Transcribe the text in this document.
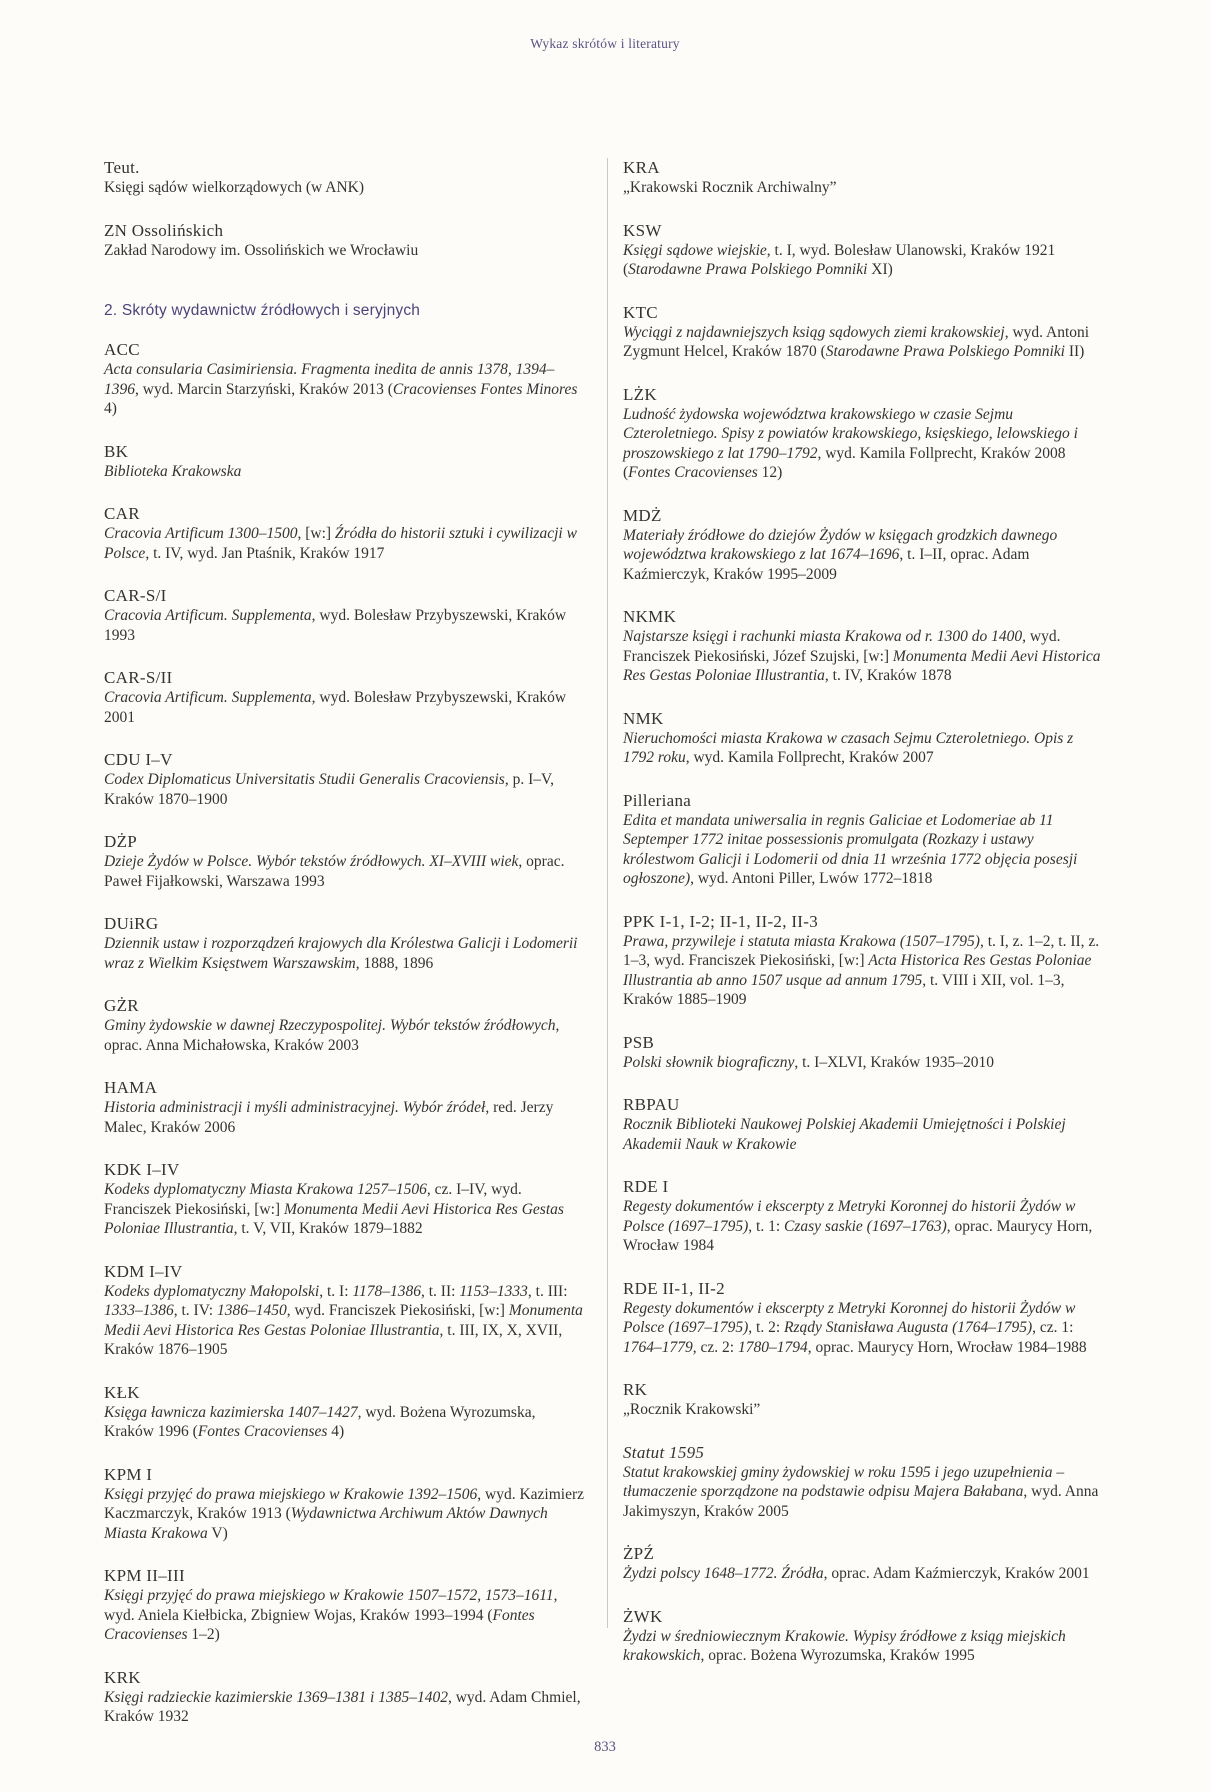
Wykaz skrótów i literatury
Teut.
Księgi sądów wielkorządowych (w ANK)
ZN Ossolińskich
Zakład Narodowy im. Ossolińskich we Wrocławiu
2. Skróty wydawnictw źródłowych i seryjnych
ACC
Acta consularia Casimiriensia. Fragmenta inedita de annis 1378, 1394–1396, wyd. Marcin Starzyński, Kraków 2013 (Cracovienses Fontes Minores 4)
BK
Biblioteka Krakowska
CAR
Cracovia Artificum 1300–1500, [w:] Źródła do historii sztuki i cywilizacji w Polsce, t. IV, wyd. Jan Ptaśnik, Kraków 1917
CAR-S/I
Cracovia Artificum. Supplementa, wyd. Bolesław Przybyszewski, Kraków 1993
CAR-S/II
Cracovia Artificum. Supplementa, wyd. Bolesław Przybyszewski, Kraków 2001
CDU I–V
Codex Diplomaticus Universitatis Studii Generalis Cracoviensis, p. I–V, Kraków 1870–1900
DŻP
Dzieje Żydów w Polsce. Wybór tekstów źródłowych. XI–XVIII wiek, oprac. Paweł Fijałkowski, Warszawa 1993
DUiRG
Dziennik ustaw i rozporządzeń krajowych dla Królestwa Galicji i Lodomerii wraz z Wielkim Księstwem Warszawskim, 1888, 1896
GŻR
Gminy żydowskie w dawnej Rzeczypospolitej. Wybór tekstów źródłowych, oprac. Anna Michałowska, Kraków 2003
HAMA
Historia administracji i myśli administracyjnej. Wybór źródeł, red. Jerzy Malec, Kraków 2006
KDK I–IV
Kodeks dyplomatyczny Miasta Krakowa 1257–1506, cz. I–IV, wyd. Franciszek Piekosiński, [w:] Monumenta Medii Aevi Historica Res Gestas Poloniae Illustrantia, t. V, VII, Kraków 1879–1882
KDM I–IV
Kodeks dyplomatyczny Małopolski, t. I: 1178–1386, t. II: 1153–1333, t. III: 1333–1386, t. IV: 1386–1450, wyd. Franciszek Piekosiński, [w:] Monumenta Medii Aevi Historica Res Gestas Poloniae Illustrantia, t. III, IX, X, XVII, Kraków 1876–1905
KŁK
Księga ławnicza kazimierska 1407–1427, wyd. Bożena Wyrozumska, Kraków 1996 (Fontes Cracovienses 4)
KPM I
Księgi przyjęć do prawa miejskiego w Krakowie 1392–1506, wyd. Kazimierz Kaczmarczyk, Kraków 1913 (Wydawnictwa Archiwum Aktów Dawnych Miasta Krakowa V)
KPM II–III
Księgi przyjęć do prawa miejskiego w Krakowie 1507–1572, 1573–1611, wyd. Aniela Kiełbicka, Zbigniew Wojas, Kraków 1993–1994 (Fontes Cracovienses 1–2)
KRK
Księgi radzieckie kazimierskie 1369–1381 i 1385–1402, wyd. Adam Chmiel, Kraków 1932
KRA
„Krakowski Rocznik Archiwalny”
KSW
Księgi sądowe wiejskie, t. I, wyd. Bolesław Ulanowski, Kraków 1921 (Starodawne Prawa Polskiego Pomniki XI)
KTC
Wyciągi z najdawniejszych ksiąg sądowych ziemi krakowskiej, wyd. Antoni Zygmunt Helcel, Kraków 1870 (Starodawne Prawa Polskiego Pomniki II)
LŻK
Ludność żydowska województwa krakowskiego w czasie Sejmu Czteroletniego. Spisy z powiatów krakowskiego, księskiego, lelowskiego i proszowskiego z lat 1790–1792, wyd. Kamila Follprecht, Kraków 2008 (Fontes Cracovienses 12)
MDŻ
Materiały źródłowe do dziejów Żydów w księgach grodzkich dawnego województwa krakowskiego z lat 1674–1696, t. I–II, oprac. Adam Kaźmierczyk, Kraków 1995–2009
NKMK
Najstarsze księgi i rachunki miasta Krakowa od r. 1300 do 1400, wyd. Franciszek Piekosiński, Józef Szujski, [w:] Monumenta Medii Aevi Historica Res Gestas Poloniae Illustrantia, t. IV, Kraków 1878
NMK
Nieruchomości miasta Krakowa w czasach Sejmu Czteroletniego. Opis z 1792 roku, wyd. Kamila Follprecht, Kraków 2007
Pilleriana
Edita et mandata uniwersalia in regnis Galiciae et Lodomeriae ab 11 Septemper 1772 initae possessionis promulgata (Rozkazy i ustawy królestwom Galicji i Lodomerii od dnia 11 września 1772 objęcia posesji ogłoszone), wyd. Antoni Piller, Lwów 1772–1818
PPK I-1, I-2; II-1, II-2, II-3
Prawa, przywileje i statuta miasta Krakowa (1507–1795), t. I, z. 1–2, t. II, z. 1–3, wyd. Franciszek Piekosiński, [w:] Acta Historica Res Gestas Poloniae Illustrantia ab anno 1507 usque ad annum 1795, t. VIII i XII, vol. 1–3, Kraków 1885–1909
PSB
Polski słownik biograficzny, t. I–XLVI, Kraków 1935–2010
RBPAU
Rocznik Biblioteki Naukowej Polskiej Akademii Umiejętności i Polskiej Akademii Nauk w Krakowie
RDE I
Regesty dokumentów i ekscerpty z Metryki Koronnej do historii Żydów w Polsce (1697–1795), t. 1: Czasy saskie (1697–1763), oprac. Maurycy Horn, Wrocław 1984
RDE II-1, II-2
Regesty dokumentów i ekscerpty z Metryki Koronnej do historii Żydów w Polsce (1697–1795), t. 2: Rządy Stanisława Augusta (1764–1795), cz. 1: 1764–1779, cz. 2: 1780–1794, oprac. Maurycy Horn, Wrocław 1984–1988
RK
„Rocznik Krakowski”
Statut 1595
Statut krakowskiej gminy żydowskiej w roku 1595 i jego uzupełnienia – tłumaczenie sporządzone na podstawie odpisu Majera Bałabana, wyd. Anna Jakimyszyn, Kraków 2005
ŻPŹ
Żydzi polscy 1648–1772. Źródła, oprac. Adam Kaźmierczyk, Kraków 2001
ŻWK
Żydzi w średniowiecznym Krakowie. Wypisy źródłowe z ksiąg miejskich krakowskich, oprac. Bożena Wyrozumska, Kraków 1995
833
